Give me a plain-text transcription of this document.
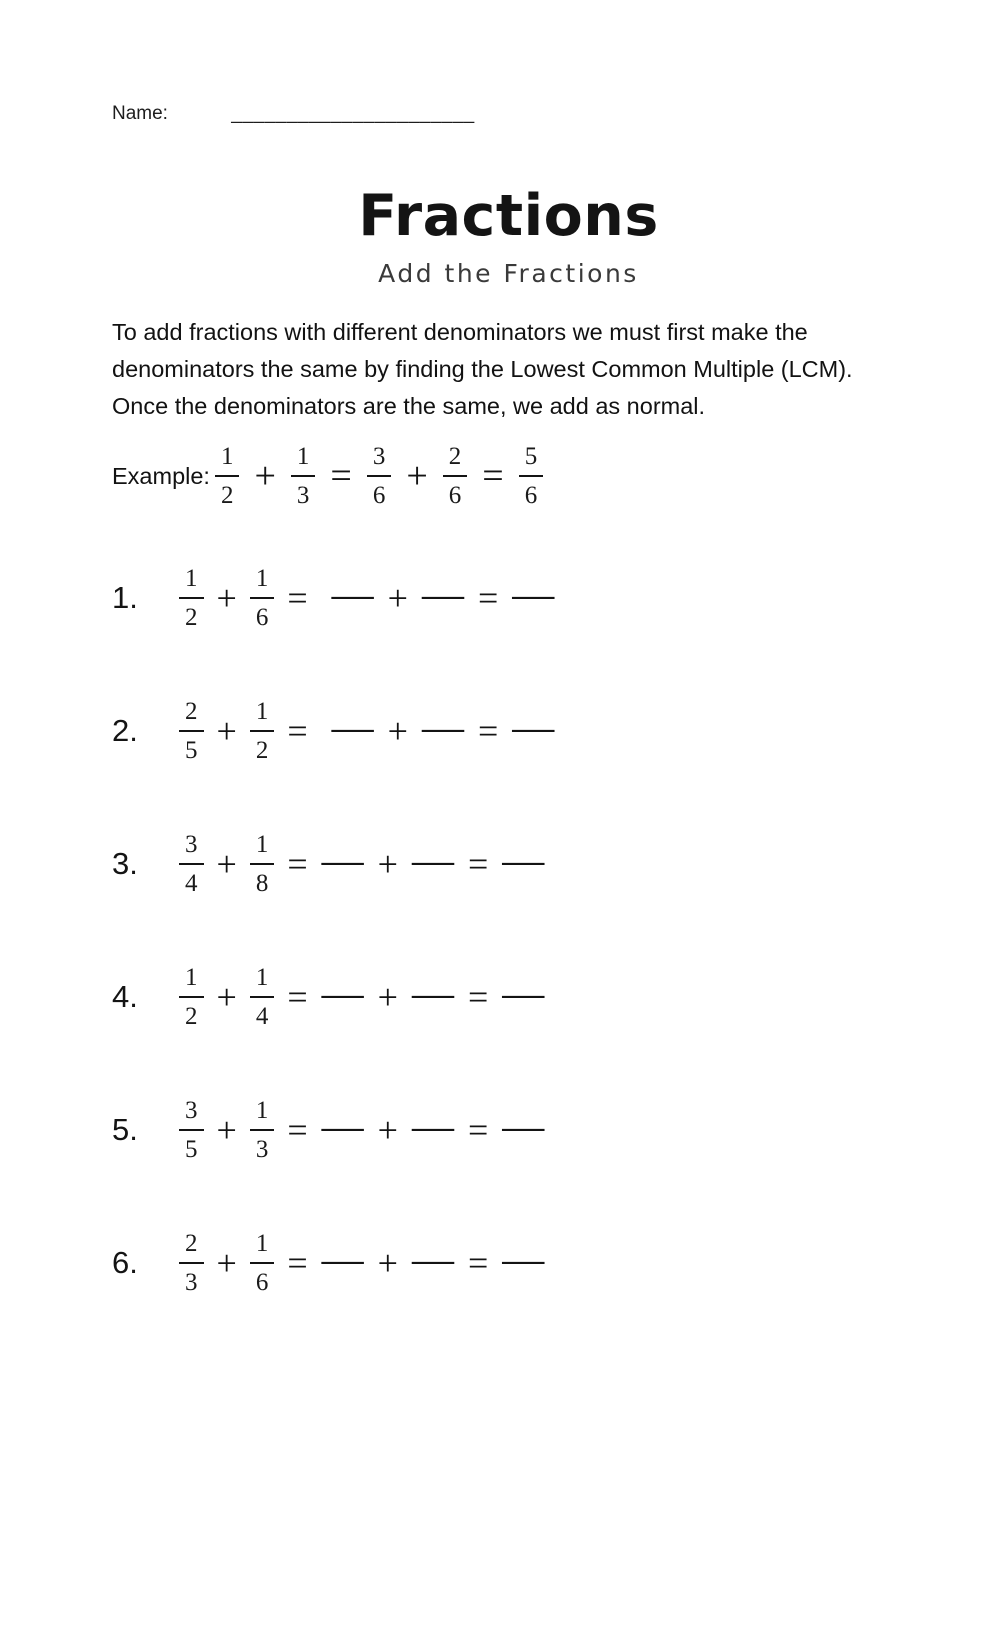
Name:	______________________
Fractions
Add the Fractions

To add fractions with different denominators we must first make the denominators the same by finding the Lowest Common Multiple (LCM). Once the denominators are the same, we add as normal.

Example: $\frac{1}{2} + \frac{1}{3} = \frac{3}{6} + \frac{2}{6} = \frac{5}{6}$
1.	$\frac{1}{2} + \frac{1}{6}$ = — + — = —
2.	$\frac{2}{5} + \frac{1}{2}$ = — + — = —
3.	$\frac{3}{4} + \frac{1}{8}$ = — + — = —
4.	$\frac{1}{2} + \frac{1}{4}$ = — + — = —
5.	$\frac{3}{5} + \frac{1}{3}$ = — + — = —
6.	$\frac{2}{3} + \frac{1}{6}$ = — + — = —
